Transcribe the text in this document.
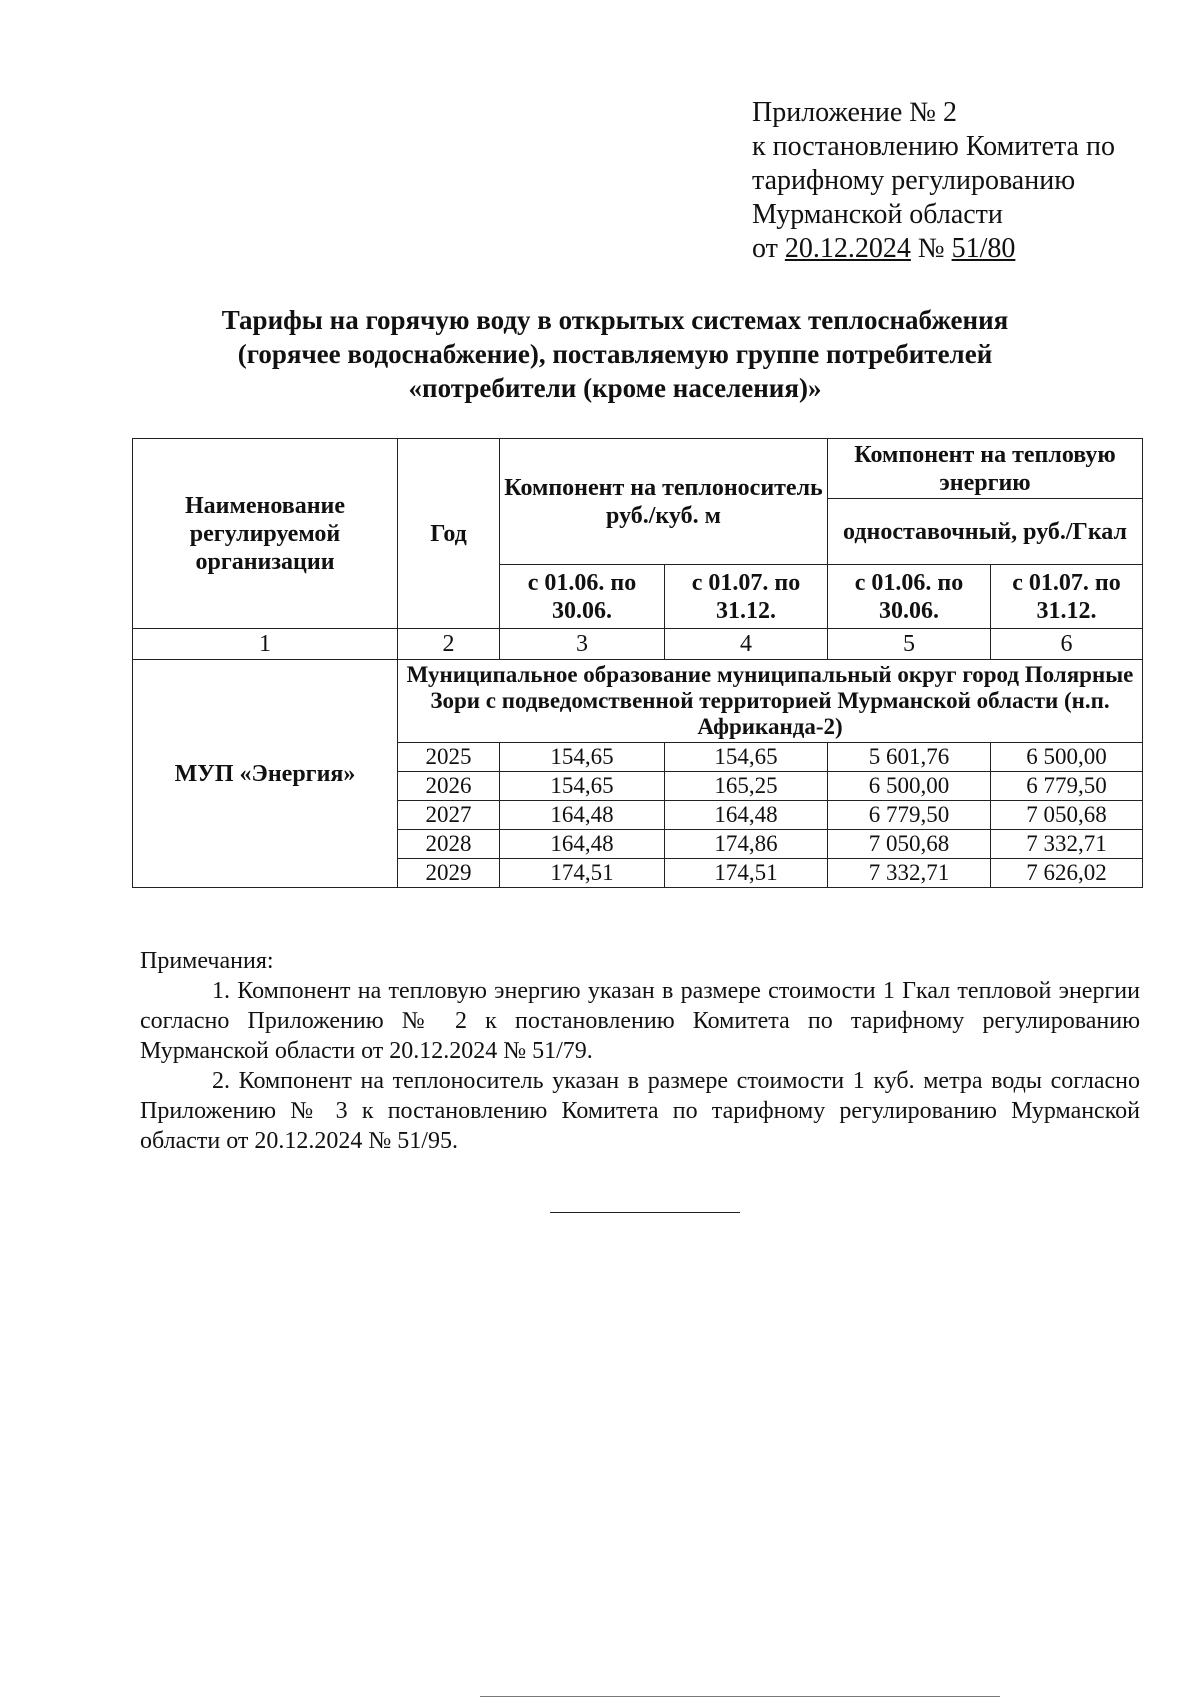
Приложение № 2
к постановлению Комитета по
тарифному регулированию
Мурманской области
от 20.12.2024 № 51/80
Тарифы на горячую воду в открытых системах теплоснабжения
(горячее водоснабжение), поставляемую группе потребителей
«потребители (кроме населения)»
Наименование регулируемой организации	Год	Компонент на теплоноситель руб./куб. м		Компонент на тепловую энергию	
				одноставочный, руб./Гкал	
		с 01.06. по 30.06.	с 01.07. по 31.12.	с 01.06. по 30.06.	с 01.07. по 31.12.
1	2	3	4	5	6
МУП «Энергия»	Муниципальное образование муниципальный округ город Полярные Зори с подведомственной территорией Мурманской области (н.п. Африканда-2)				
	2025	154,65	154,65	5 601,76	6 500,00
	2026	154,65	165,25	6 500,00	6 779,50
	2027	164,48	164,48	6 779,50	7 050,68
	2028	164,48	174,86	7 050,68	7 332,71
	2029	174,51	174,51	7 332,71	7 626,02

Примечания:

1. Компонент на тепловую энергию указан в размере стоимости 1 Гкал тепловой энергии согласно Приложению № 2 к постановлению Комитета по тарифному регулированию Мурманской области от 20.12.2024 № 51/79.

2. Компонент на теплоноситель указан в размере стоимости 1 куб. метра воды согласно Приложению № 3 к постановлению Комитета по тарифному регулированию Мурманской области от 20.12.2024 № 51/95.
